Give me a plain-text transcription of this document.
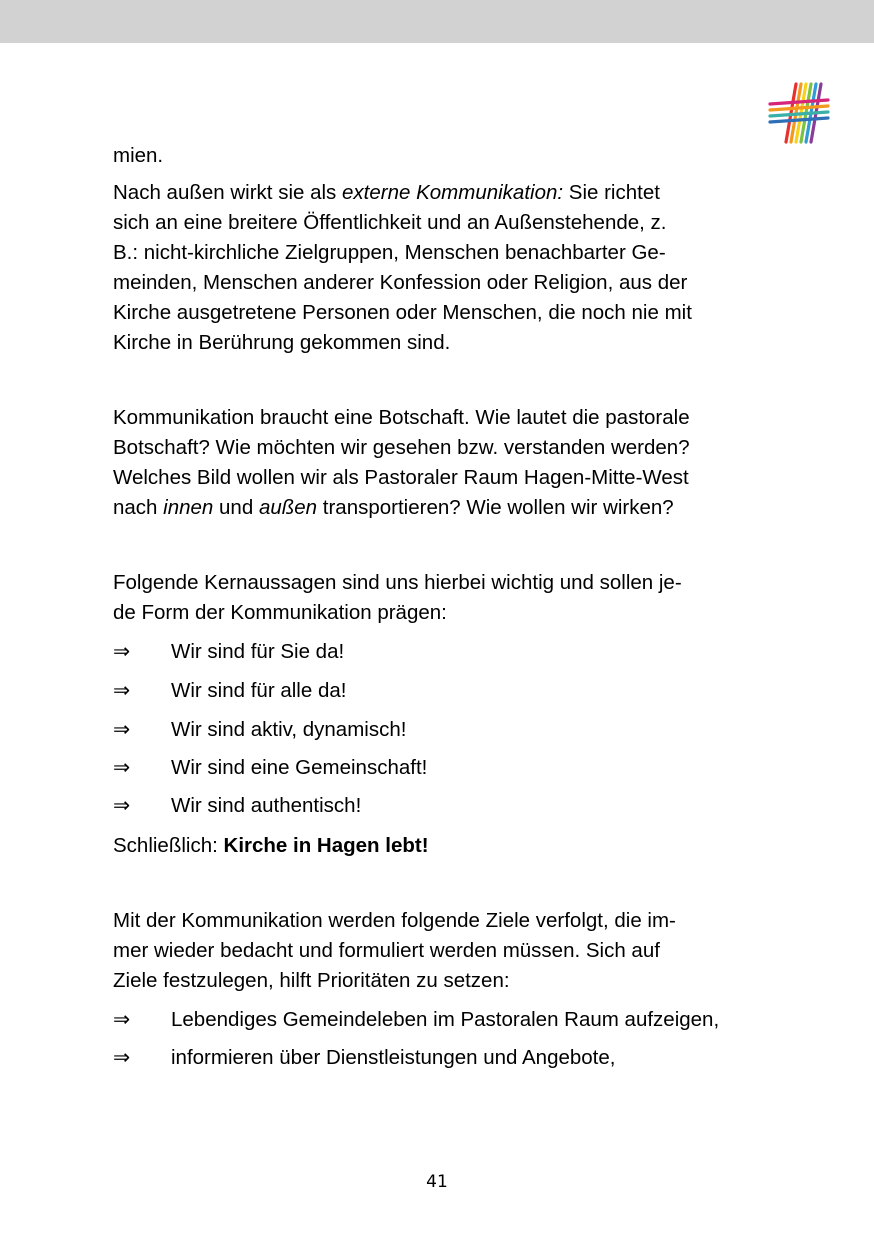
mien.
Nach außen wirkt sie als externe Kommunikation: Sie richtet
sich an eine breitere Öffentlichkeit und an Außenstehende, z.
B.: nicht-kirchliche Zielgruppen, Menschen benachbarter Ge-
meinden, Menschen anderer Konfession oder Religion, aus der
Kirche ausgetretene Personen oder Menschen, die noch nie mit
Kirche in Berührung gekommen sind.
Kommunikation braucht eine Botschaft. Wie lautet die pastorale
Botschaft? Wie möchten wir gesehen bzw. verstanden werden?
Welches Bild wollen wir als Pastoraler Raum Hagen-Mitte-West
nach innen und außen transportieren? Wie wollen wir wirken?
Folgende Kernaussagen sind uns hierbei wichtig und sollen je-
de Form der Kommunikation prägen:
⇒	Wir sind für Sie da!
⇒	Wir sind für alle da!
⇒	Wir sind aktiv, dynamisch!
⇒	Wir sind eine Gemeinschaft!
⇒	Wir sind authentisch!
Schließlich: Kirche in Hagen lebt!
Mit der Kommunikation werden folgende Ziele verfolgt, die im-
mer wieder bedacht und formuliert werden müssen. Sich auf
Ziele festzulegen, hilft Prioritäten zu setzen:
⇒	Lebendiges Gemeindeleben im Pastoralen Raum aufzeigen,
⇒	informieren über Dienstleistungen und Angebote,
41
